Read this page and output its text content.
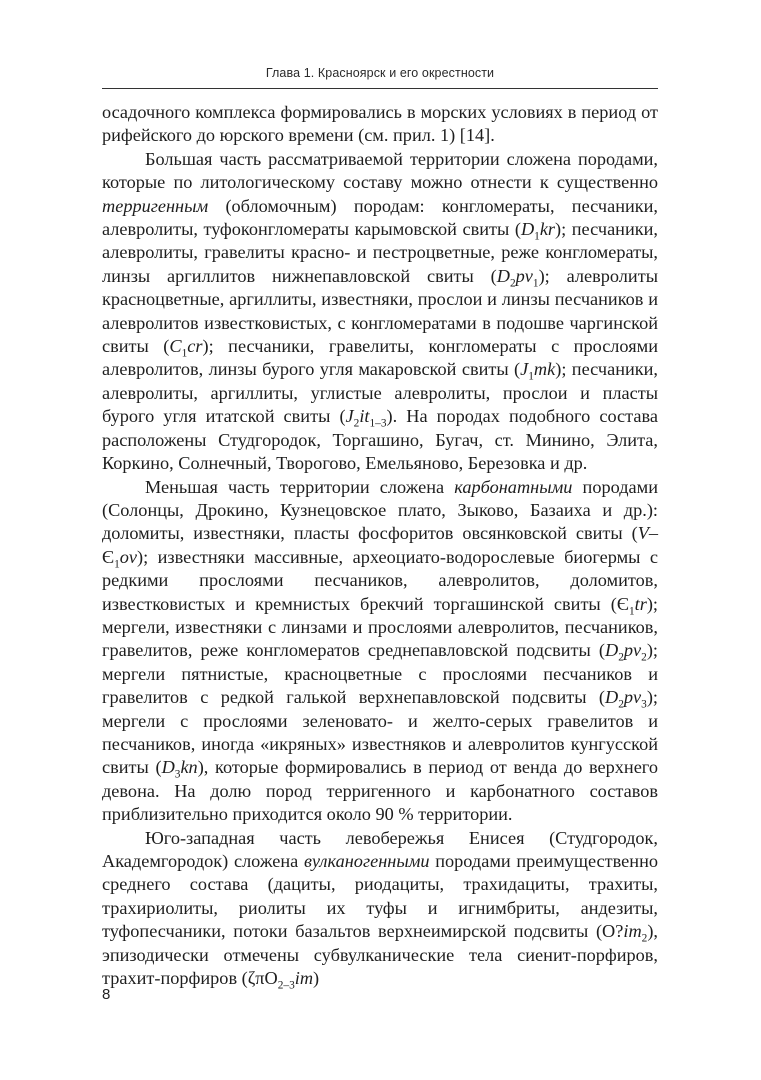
Глава 1. Красноярск и его окрестности

осадочного комплекса формировались в морских условиях в период от рифейского до юрского времени (см. прил. 1) [14].

Большая часть рассматриваемой территории сложена породами, которые по литологическому составу можно отнести к существенно терригенным (обломочным) породам: конгломераты, песчаники, алевролиты, туфоконгломераты карымовской свиты $(D_1kr)$; песчаники, алевролиты, гравелиты красно- и пестроцветные, реже конгломераты, линзы аргиллитов нижнепавловской свиты $(D_2pv_1)$; алевролиты красноцветные, аргиллиты, известняки, прослои и линзы песчаников и алевролитов известковистых, с конгломератами в подошве чаргинской свиты $(C_1cr)$; песчаники, гравелиты, конгломераты с прослоями алевролитов, линзы бурого угля макаровской свиты $(J_1mk)$; песчаники, алевролиты, аргиллиты, углистые алевролиты, прослои и пласты бурого угля итатской свиты $(J_2it_{1-3})$. На породах подобного состава расположены Студгородок, Торгашино, Бугач, ст. Минино, Элита, Коркино, Солнечный, Творогово, Емельяново, Березовка и др.

Меньшая часть территории сложена карбонатными породами (Солонцы, Дрокино, Кузнецовское плато, Зыково, Базаиха и др.): доломиты, известняки, пласты фосфоритов овсянковской свиты $(V-Є_1ov)$; известняки массивные, археоциато-водорослевые биогермы с редкими прослоями песчаников, алевролитов, доломитов, известковистых и кремнистых брекчий торгашинской свиты $(Є_1tr)$; мергели, известняки с линзами и прослоями алевролитов, песчаников, гравелитов, реже конгломератов среднепавловской подсвиты $(D_2pv_2)$; мергели пятнистые, красноцветные с прослоями песчаников и гравелитов с редкой галькой верхнепавловской подсвиты $(D_2pv_3)$; мергели с прослоями зеленовато- и желто-серых гравелитов и песчаников, иногда «икряных» известняков и алевролитов кунгусской свиты $(D_3kn)$, которые формировались в период от венда до верхнего девона. На долю пород терригенного и карбонатного составов приблизительно приходится около 90 % территории.

Юго-западная часть левобережья Енисея (Студгородок, Академгородок) сложена вулканогенными породами преимущественно среднего состава (дациты, риодациты, трахидациты, трахиты, трахириолиты, риолиты их туфы и игнимбриты, андезиты, туфопесчаники, потоки базальтов верхнеимирской подсвиты $(O?im_2)$, эпизодически отмечены субвулканические тела сиенит-порфиров, трахит-порфиров (ζπO$_{2-3}$im)

8
